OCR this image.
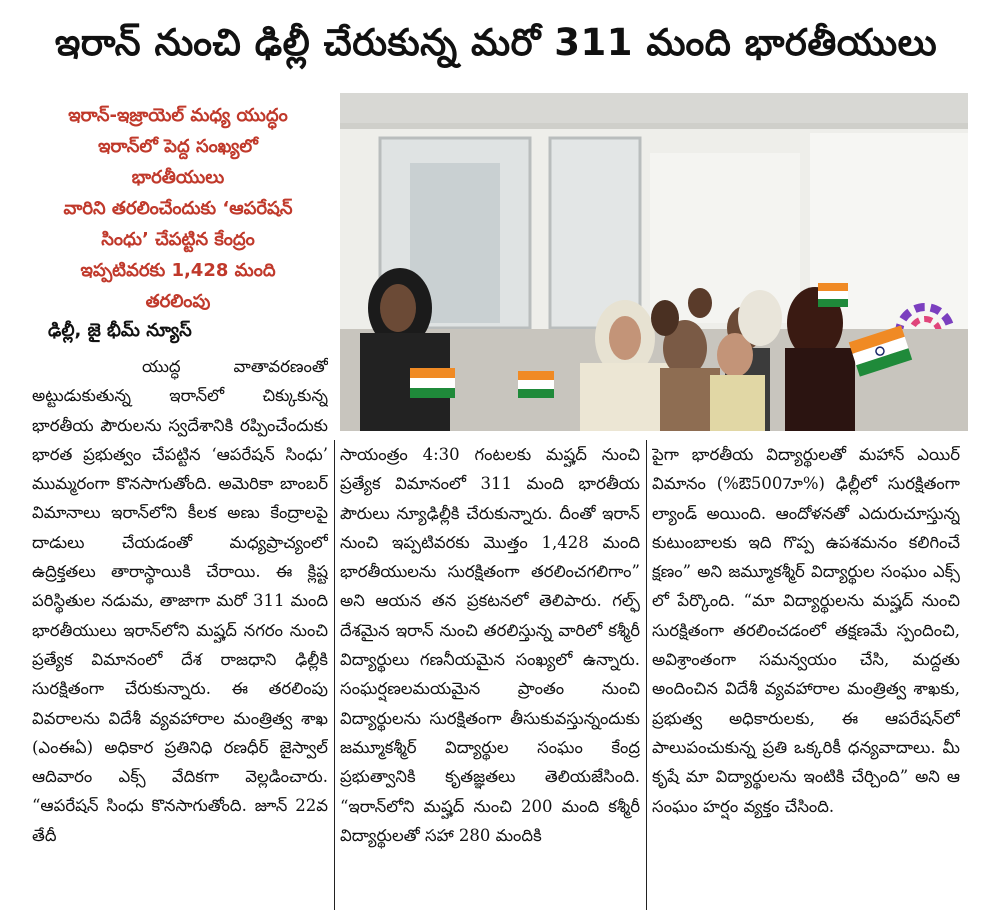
ఇరాన్ నుంచి ఢిల్లీ చేరుకున్న మరో 311 మంది భారతీయులు
ఇరాన్-ఇజ్రాయెల్ మధ్య యుద్ధం
ఇరాన్‌లో పెద్ద సంఖ్యలో
భారతీయులు
వారిని తరలించేందుకు ‘ఆపరేషన్
సింధు’ చేపట్టిన కేంద్రం
ఇప్పటివరకు 1,428 మంది
తరలింపు
ఢిల్లీ, జై భీమ్ న్యూస్

యుద్ధ వాతావరణంతో అట్టుడుకుతున్న ఇరాన్‌లో చిక్కుకున్న భారతీయ పౌరులను స్వదేశానికి రప్పించేందుకు భారత ప్రభుత్వం చేపట్టిన ‘ఆపరేషన్ సింధు’ ముమ్మరంగా కొనసాగుతోంది. అమెరికా బాంబర్ విమానాలు ఇరాన్‌లోని కీలక అణు కేంద్రాలపై దాడులు చేయడంతో మధ్యప్రాచ్యంలో ఉద్రిక్తతలు తారాస్థాయికి చేరాయి. ఈ క్లిష్ట పరిస్థితుల నడుమ, తాజాగా మరో 311 మంది భారతీయులు ఇరాన్‌లోని మష్హద్ నగరం నుంచి ప్రత్యేక విమానంలో దేశ రాజధాని ఢిల్లీకి సురక్షితంగా చేరుకున్నారు. ఈ తరలింపు వివరాలను విదేశీ వ్యవహారాల మంత్రిత్వ శాఖ (ఎంఈఏ) అధికార ప్రతినిధి రణధీర్ జైస్వాల్ ఆదివారం ఎక్స్ వేదికగా వెల్లడించారు. “ఆపరేషన్ సింధు కొనసాగుతోంది. జూన్ 22వ తేదీ

సాయంత్రం 4:30 గంటలకు మష్హద్ నుంచి ప్రత్యేక విమానంలో 311 మంది భారతీయ పౌరులు న్యూఢిల్లీకి చేరుకున్నారు. దీంతో ఇరాన్ నుంచి ఇప్పటివరకు మొత్తం 1,428 మంది భారతీయులను సురక్షితంగా తరలించగలిగాం” అని ఆయన తన ప్రకటనలో తెలిపారు. గల్ఫ్ దేశమైన ఇరాన్ నుంచి తరలిస్తున్న వారిలో కశ్మీరీ విద్యార్థులు గణనీయమైన సంఖ్యలో ఉన్నారు. సంఘర్షణలమయమైన ప్రాంతం నుంచి విద్యార్థులను సురక్షితంగా తీసుకువస్తున్నందుకు జమ్మూకశ్మీర్ విద్యార్థుల సంఘం కేంద్ర ప్రభుత్వానికి కృతజ్ఞతలు తెలియజేసింది. “ఇరాన్‌లోని మష్హద్ నుంచి 200 మంది కశ్మీరీ విద్యార్థులతో సహా 280 మందికి

పైగా భారతీయ విద్యార్థులతో మహాన్ ఎయిర్ విమానం (%ఔ5007ూ%) ఢిల్లీలో సురక్షితంగా ల్యాండ్ అయింది. ఆందోళనతో ఎదురుచూస్తున్న కుటుంబాలకు ఇది గొప్ప ఉపశమనం కలిగించే క్షణం” అని జమ్మూకశ్మీర్ విద్యార్థుల సంఘం ఎక్స్ లో పేర్కొంది. “మా విద్యార్థులను మష్హద్ నుంచి సురక్షితంగా తరలించడంలో తక్షణమే స్పందించి, అవిశ్రాంతంగా సమన్వయం చేసి, మద్దతు అందించిన విదేశీ వ్యవహారాల మంత్రిత్వ శాఖకు, ప్రభుత్వ అధికారులకు, ఈ ఆపరేషన్‌లో పాలుపంచుకున్న ప్రతి ఒక్కరికీ ధన్యవాదాలు. మీ కృషే మా విద్యార్థులను ఇంటికి చేర్చింది” అని ఆ సంఘం హర్షం వ్యక్తం చేసింది.
